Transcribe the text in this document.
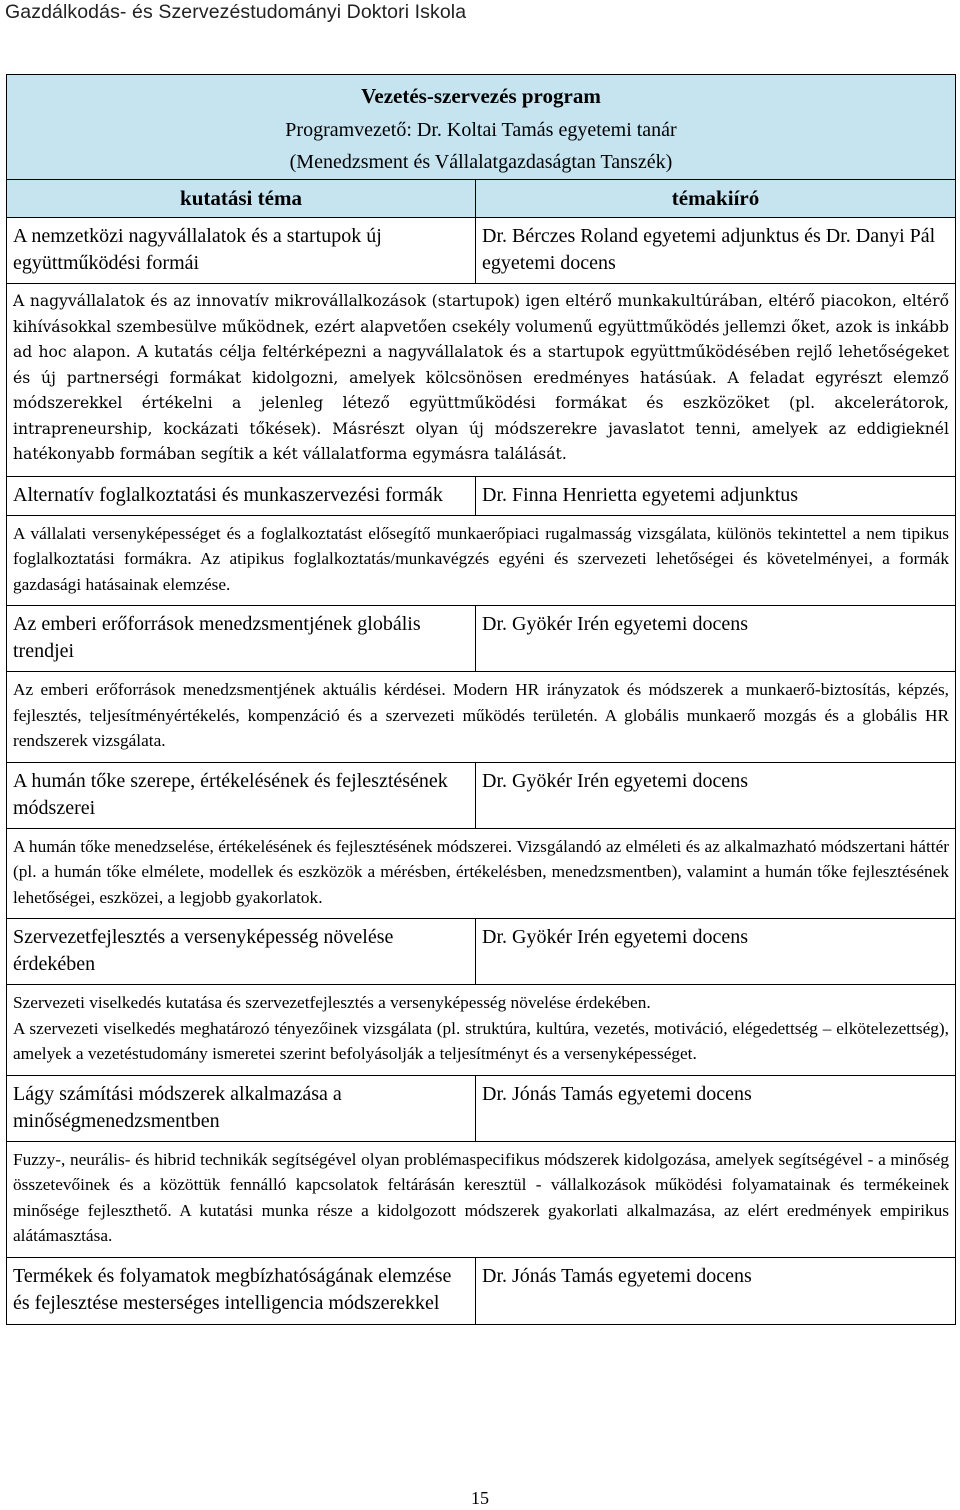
Gazdálkodás- és Szervezéstudományi Doktori Iskola
Vezetés-szervezés program
Programvezető: Dr. Koltai Tamás egyetemi tanár
(Menedzsment és Vállalatgazdaságtan Tanszék)	

kutatási téma	témakiíró
A nemzetközi nagyvállalatok és a startupok új együttműködési formái	Dr. Bérczes Roland egyetemi adjunktus és Dr. Danyi Pál egyetemi docens
A nagyvállalatok és az innovatív mikrovállalkozások (startupok) igen eltérő munkakultúrában, eltérő piacokon, eltérő kihívásokkal szembesülve működnek, ezért alapvetően csekély volumenű együttműködés jellemzi őket, azok is inkább ad hoc alapon. A kutatás célja feltérképezni a nagyvállalatok és a startupok együttműködésében rejlő lehetőségeket és új partnerségi formákat kidolgozni, amelyek kölcsönösen eredményes hatásúak. A feladat egyrészt elemző módszerekkel értékelni a jelenleg létező együttműködési formákat és eszközöket (pl. akcelerátorok, intrapreneurship, kockázati tőkések). Másrészt olyan új módszerekre javaslatot tenni, amelyek az eddigieknél hatékonyabb formában segítik a két vállalatforma egymásra találását.	
Alternatív foglalkoztatási és munkaszervezési formák	Dr. Finna Henrietta egyetemi adjunktus
A vállalati versenyképességet és a foglalkoztatást elősegítő munkaerőpiaci rugalmasság vizsgálata, különös tekintettel a nem tipikus foglalkoztatási formákra. Az atipikus foglalkoztatás/munkavégzés egyéni és szervezeti lehetőségei és követelményei, a formák gazdasági hatásainak elemzése.	
Az emberi erőforrások menedzsmentjének globális trendjei	Dr. Gyökér Irén egyetemi docens
Az emberi erőforrások menedzsmentjének aktuális kérdései. Modern HR irányzatok és módszerek a munkaerő-biztosítás, képzés, fejlesztés, teljesítményértékelés, kompenzáció és a szervezeti működés területén. A globális munkaerő mozgás és a globális HR rendszerek vizsgálata.	
A humán tőke szerepe, értékelésének és fejlesztésének módszerei	Dr. Gyökér Irén egyetemi docens
A humán tőke menedzselése, értékelésének és fejlesztésének módszerei. Vizsgálandó az elméleti és az alkalmazható módszertani háttér (pl. a humán tőke elmélete, modellek és eszközök a mérésben, értékelésben, menedzsmentben), valamint a humán tőke fejlesztésének lehetőségei, eszközei, a legjobb gyakorlatok.	
Szervezetfejlesztés a versenyképesség növelése érdekében	Dr. Gyökér Irén egyetemi docens

Szervezeti viselkedés kutatása és szervezetfejlesztés a versenyképesség növelése érdekében.
A szervezeti viselkedés meghatározó tényezőinek vizsgálata (pl. struktúra, kultúra, vezetés, motiváció, elégedettség – elkötelezettség), amelyek a vezetéstudomány ismeretei szerint befolyásolják a teljesítményt és a versenyképességet.	

Lágy számítási módszerek alkalmazása a minőségmenedzsmentben	Dr. Jónás Tamás egyetemi docens
Fuzzy-, neurális- és hibrid technikák segítségével olyan problémaspecifikus módszerek kidolgozása, amelyek segítségével - a minőség összetevőinek és a közöttük fennálló kapcsolatok feltárásán keresztül - vállalkozások működési folyamatainak és termékeinek minősége fejleszthető. A kutatási munka része a kidolgozott módszerek gyakorlati alkalmazása, az elért eredmények empirikus alátámasztása.	
Termékek és folyamatok megbízhatóságának elemzése és fejlesztése mesterséges intelligencia módszerekkel	Dr. Jónás Tamás egyetemi docens
15
